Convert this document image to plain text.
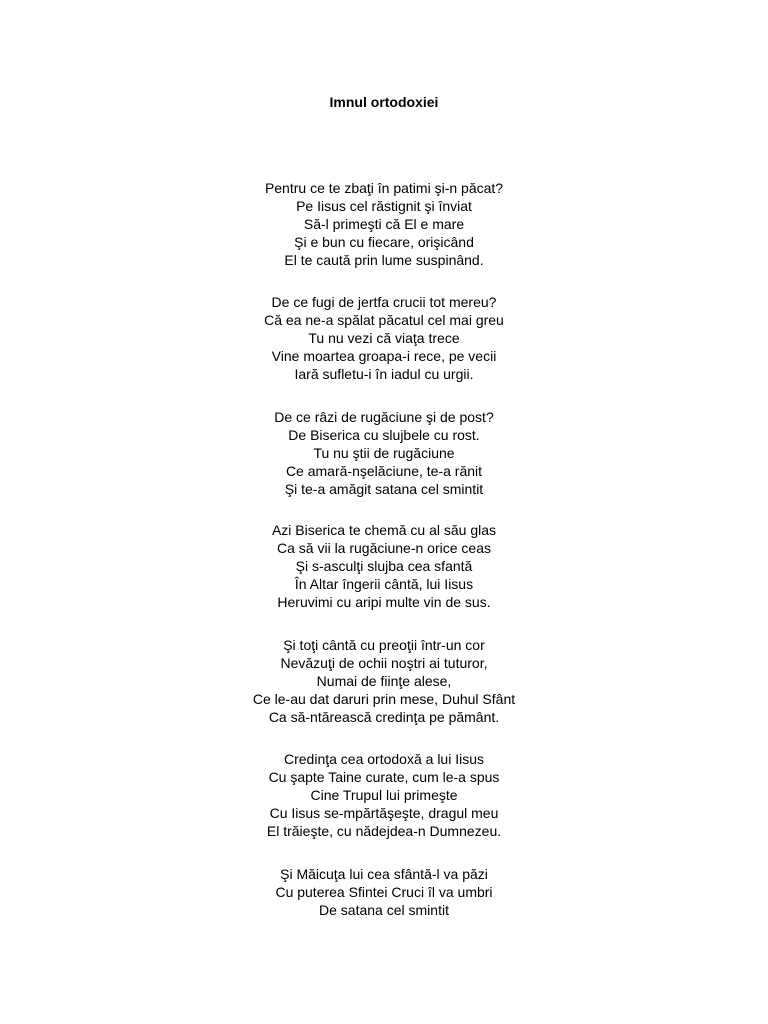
Imnul ortodoxiei
Pentru ce te zbaţi în patimi şi-n păcat?
Pe Iisus cel răstignit şi înviat
Să-l primeşti că El e mare
Şi e bun cu fiecare, orişicând
El te caută prin lume suspinând.
De ce fugi de jertfa crucii tot mereu?
Că ea ne-a spălat păcatul cel mai greu
Tu nu vezi că viaţa trece
Vine moartea groapa-i rece, pe vecii
Iară sufletu-i în iadul cu urgii.
De ce râzi de rugăciune şi de post?
De Biserica cu slujbele cu rost.
Tu nu ştii de rugăciune
Ce amară-nşelăciune, te-a rănit
Şi te-a amăgit satana cel smintit
Azi Biserica te chemă cu al său glas
Ca să vii la rugăciune-n orice ceas
Şi s-asculţi slujba cea sfantă
În Altar îngerii cântă, lui Iisus
Heruvimi cu aripi multe vin de sus.
Şi toţi cântă cu preoţii într-un cor
Nevăzuţi de ochii noştri ai tuturor,
Numai de fiinţe alese,
Ce le-au dat daruri prin mese, Duhul Sfânt
Ca să-ntărească credinţa pe pământ.
Credinţa cea ortodoxă a lui Iisus
Cu şapte Taine curate, cum le-a spus
Cine Trupul lui primeşte
Cu Iisus se-mpărtăşeşte, dragul meu
El trăieşte, cu nădejdea-n Dumnezeu.
Şi Măicuţa lui cea sfântă-l va păzi
Cu puterea Sfintei Cruci îl va umbri
De satana cel smintit
